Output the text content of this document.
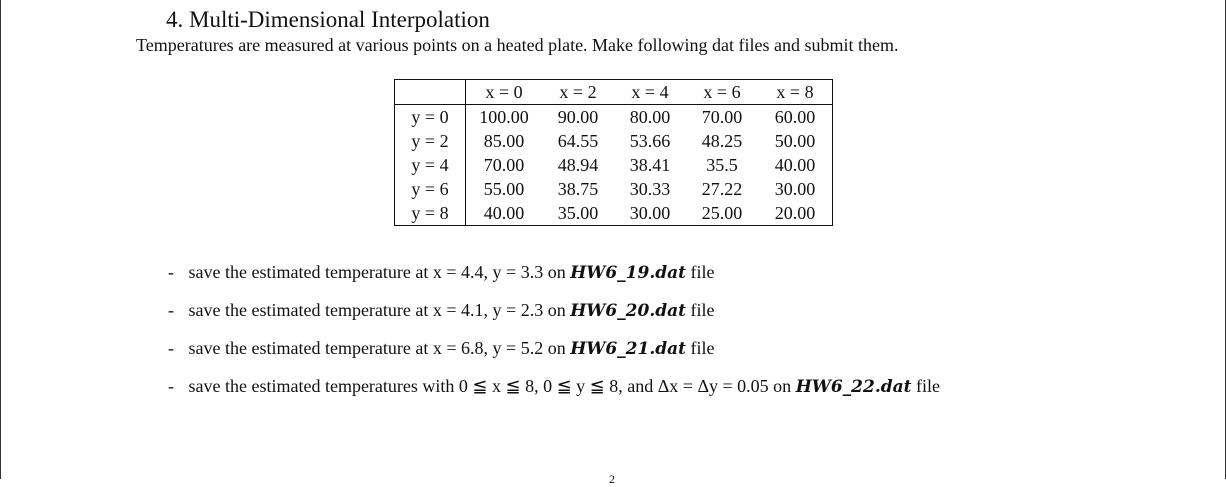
4. Multi-Dimensional Interpolation
Temperatures are measured at various points on a heated plate. Make following dat files and submit them.
	x = 0	x = 2	x = 4	x = 6	x = 8
y = 0	100.00	90.00	80.00	70.00	60.00
y = 2	85.00	64.55	53.66	48.25	50.00
y = 4	70.00	48.94	38.41	35.5	40.00
y = 6	55.00	38.75	30.33	27.22	30.00
y = 8	40.00	35.00	30.00	25.00	20.00
- save the estimated temperature at x = 4.4, y = 3.3 on HW6_19.dat file
- save the estimated temperature at x = 4.1, y = 2.3 on HW6_20.dat file
- save the estimated temperature at x = 6.8, y = 5.2 on HW6_21.dat file
- save the estimated temperatures with 0 ≦ x ≦ 8, 0 ≦ y ≦ 8, and Δx = Δy = 0.05 on HW6_22.dat file
2
